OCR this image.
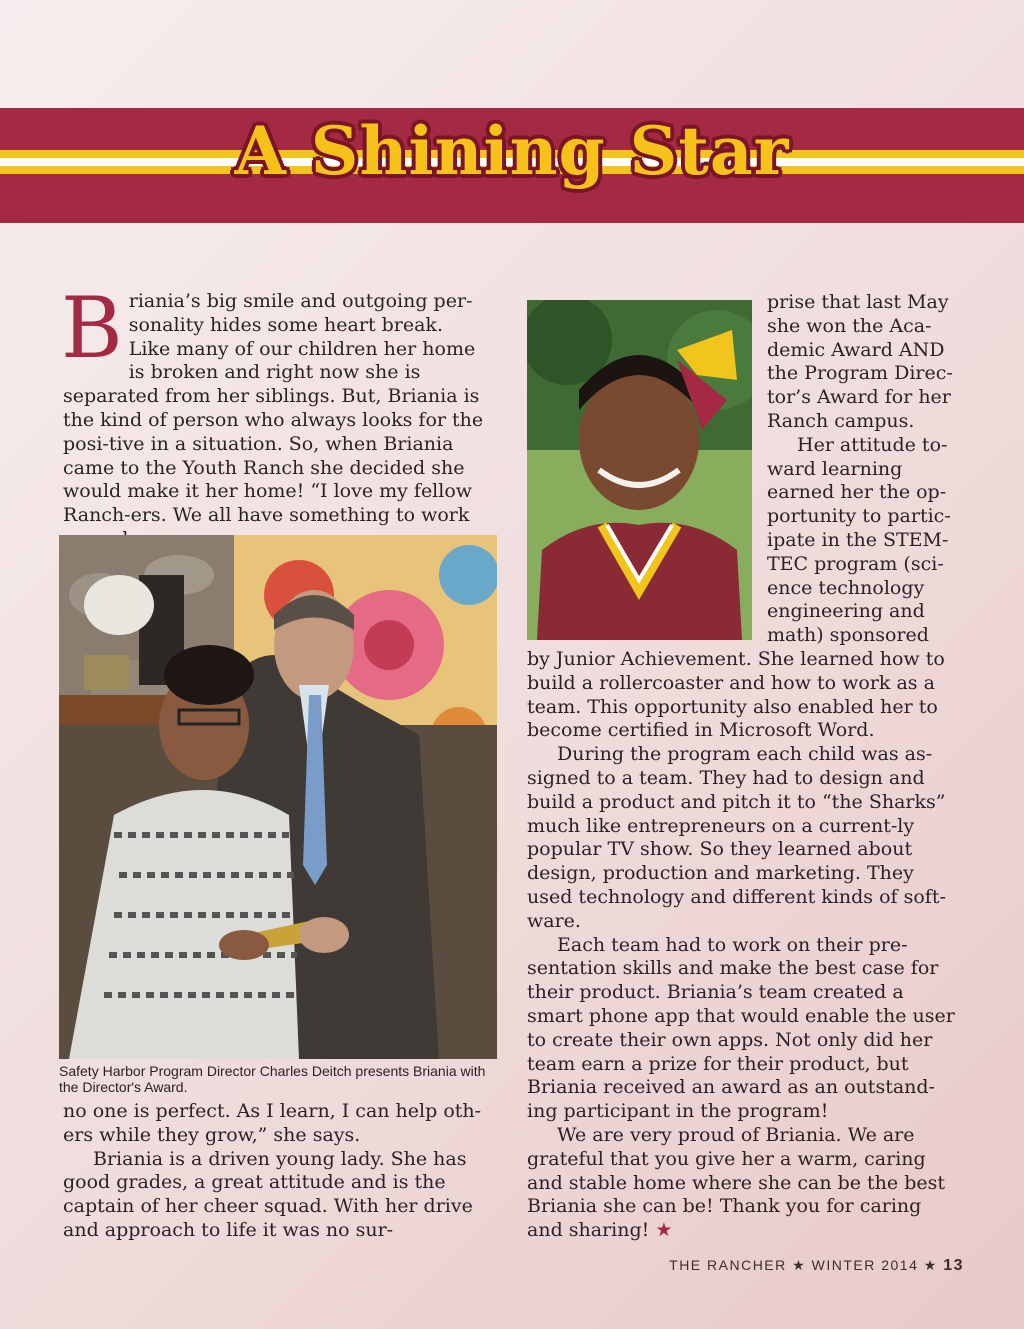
A Shining Star
B riania’s big smile and outgoing per-sonality hides some heart break. Like many of our children her home is broken and right now she is separated from her siblings. But, Briania is the kind of person who always looks for the posi-tive in a situation. So, when Briania came to the Youth Ranch she decided she would make it her home! “I love my fellow Ranch-ers. We all have something to work
Safety Harbor Program Director Charles Deitch presents Briania with the Director's Award.

no one is perfect. As I learn, I can help oth-ers while they grow,” she says.

Briania is a driven young lady. She has good grades, a great attitude and is the captain of her cheer squad. With her drive and approach to life it was no sur-

prise that last May she won the Aca-demic Award AND the Program Direc-tor’s Award for her Ranch campus.

Her attitude to-ward learning earned her the op-portunity to partic-ipate in the STEM-TEC program (sci-ence technology engineering and math) sponsored

by Junior Achievement. She learned how to build a rollercoaster and how to work as a team. This opportunity also enabled her to become certified in Microsoft Word.

During the program each child was as-signed to a team. They had to design and build a product and pitch it to “the Sharks” much like entrepreneurs on a current-ly popular TV show. So they learned about design, production and marketing. They used technology and different kinds of soft-ware.

Each team had to work on their pre-sentation skills and make the best case for their product. Briania’s team created a smart phone app that would enable the user to create their own apps. Not only did her team earn a prize for their product, but Briania received an award as an outstand-ing participant in the program!

We are very proud of Briania. We are grateful that you give her a warm, caring and stable home where she can be the best Briania she can be! Thank you for caring and sharing! ★

THE RANCHER ★ WINTER 2014 ★ 13
